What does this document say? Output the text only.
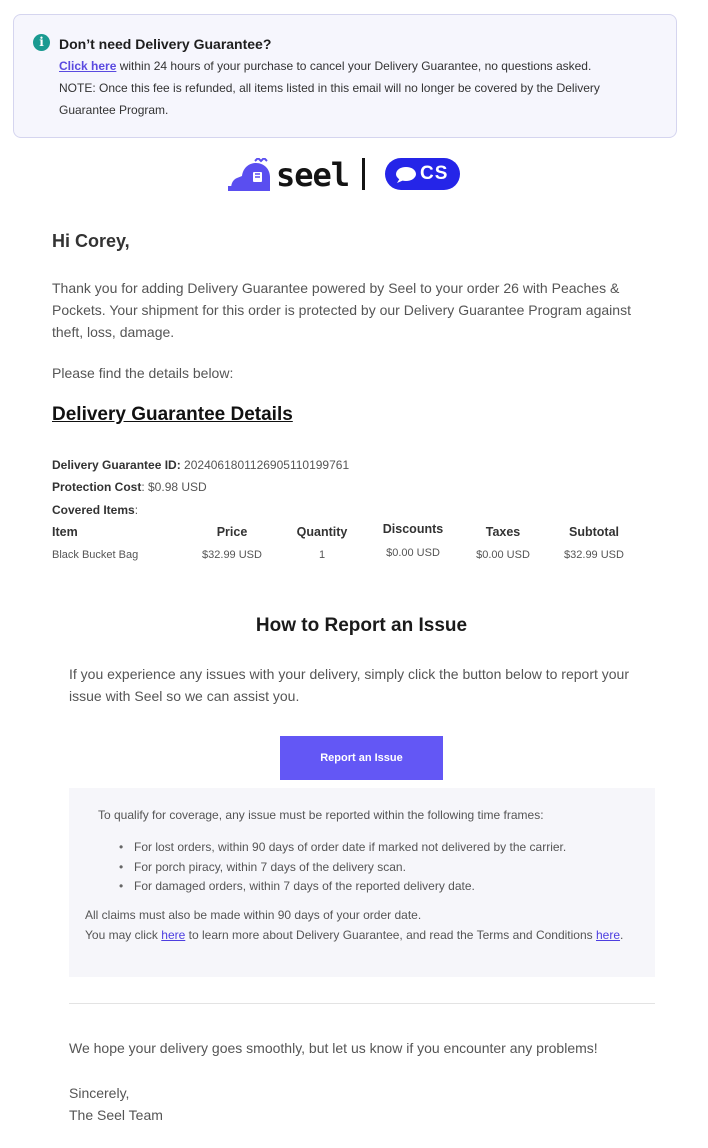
i	Don’t need Delivery Guarantee?
Click here within 24 hours of your purchase to cancel your Delivery Guarantee, no questions asked.
NOTE: Once this fee is refunded, all items listed in this email will no longer be covered by the Delivery Guarantee Program.
seel	CS
Hi Corey,
Thank you for adding Delivery Guarantee powered by Seel to your order 26 with Peaches & Pockets. Your shipment for this order is protected by our Delivery Guarantee Program against theft, loss, damage.
Please find the details below:
Delivery Guarantee Details
Delivery Guarantee ID: 20240618011269051101997​61
Protection Cost: $0.98 USD
Covered Items:
Item	Price	Quantity	Discounts	Taxes	Subtotal
Black Bucket Bag	$32.99 USD	1	$0.00 USD	$0.00 USD	$32.99 USD
How to Report an Issue
If you experience any issues with your delivery, simply click the button below to report your issue with Seel so we can assist you.
Report an Issue
To qualify for coverage, any issue must be reported within the following time frames:
• For lost orders, within 90 days of order date if marked not delivered by the carrier.
• For porch piracy, within 7 days of the delivery scan.
• For damaged orders, within 7 days of the reported delivery date.
All claims must also be made within 90 days of your order date.
You may click here to learn more about Delivery Guarantee, and read the Terms and Conditions here.
We hope your delivery goes smoothly, but let us know if you encounter any problems!
Sincerely,
The Seel Team
